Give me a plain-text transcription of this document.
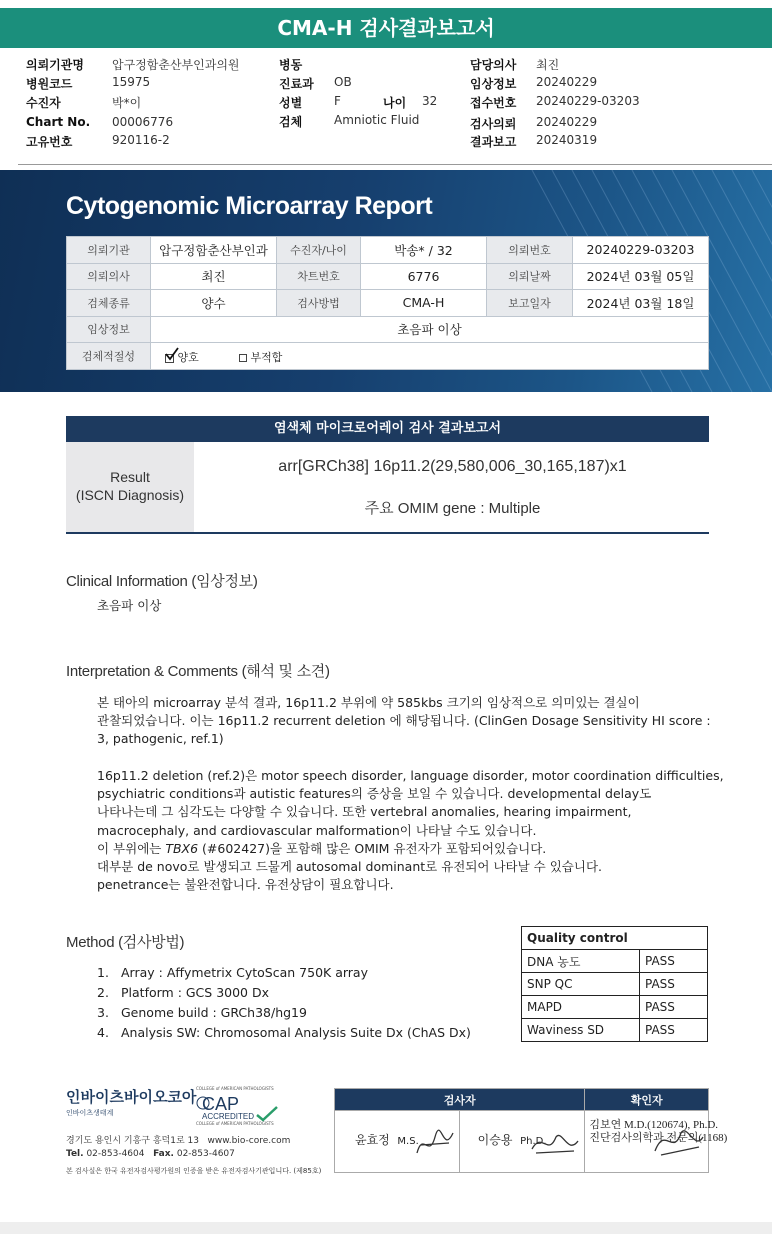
CMA-H 검사결과보고서
의뢰기관명 압구정함춘산부인과의원
병원코드	15975
수진자	박*이
Chart No. 00006776
고유번호	920116-2
병동
진료과 OB
성별	F	나이 32
검체	Amniotic Fluid
담당의사 최진
임상정보 20240229
접수번호 20240229-03203
검사의뢰 20240229
결과보고 20240319
Cytogenomic Microarray Report
의뢰기관	압구정함춘산부인과	수진자/나이	박송* / 32	의뢰번호	20240229-03203
의뢰의사	최진	차트번호	6776	의뢰날짜	2024년 03월 05일
검체종류	양수	검사방법	CMA-H	보고일자	2024년 03월 18일
임상정보	초음파 이상				
검체적절성	양호 부적합				
염색체 마이크로어레이 검사 결과보고서
Result
(ISCN Diagnosis)
arr[GRCh38] 16p11.2(29,580,006_30,165,187)x1
주요 OMIM gene : Multiple
Clinical Information (임상정보)
초음파 이상
Interpretation & Comments (해석 및 소견)
본 태아의 microarray 분석 결과, 16p11.2 부위에 약 585kbs 크기의 임상적으로 의미있는 결실이
관찰되었습니다. 이는 16p11.2 recurrent deletion 에 해당됩니다. (ClinGen Dosage Sensitivity HI score :
3, pathogenic, ref.1)
16p11.2 deletion (ref.2)은 motor speech disorder, language disorder, motor coordination difficulties,
psychiatric conditions과 autistic features의 증상을 보일 수 있습니다. developmental delay도
나타나는데 그 심각도는 다양할 수 있습니다. 또한 vertebral anomalies, hearing impairment,
macrocephaly, and cardiovascular malformation이 나타날 수도 있습니다.
이 부위에는 TBX6 (#602427)을 포함해 많은 OMIM 유전자가 포함되어있습니다.
대부분 de novo로 발생되고 드물게 autosomal dominant로 유전되어 나타날 수 있습니다.
penetrance는 불완전합니다. 유전상담이 필요합니다.
Method (검사방법)
1. Array : Affymetrix CytoScan 750K array
2. Platform : GCS 3000 Dx
3. Genome build : GRCh38/hg19
4. Analysis SW: Chromosomal Analysis Suite Dx (ChAS Dx)
Quality control	
DNA 농도	PASS
SNP QC	PASS
MAPD	PASS
Waviness SD	PASS
인바이츠바이오코아
인바이츠생태계
COLLEGE of AMERICAN PATHOLOGISTS
CAP
ACCREDITED
COLLEGE of AMERICAN PATHOLOGISTS
경기도 용인시 기흥구 흥덕1로 13 www.bio-core.com
Tel. 02-853-4604 Fax. 02-853-4607
본 검사실은 한국 유전자검사평가원의 인증을 받은 유전자검사기관입니다. (제85호)
검사자		확인자

윤효정 M.S.	이승용 Ph.D.	김보연 M.D.(120674), Ph.D.
진단검사의학과 전문의(1168)
